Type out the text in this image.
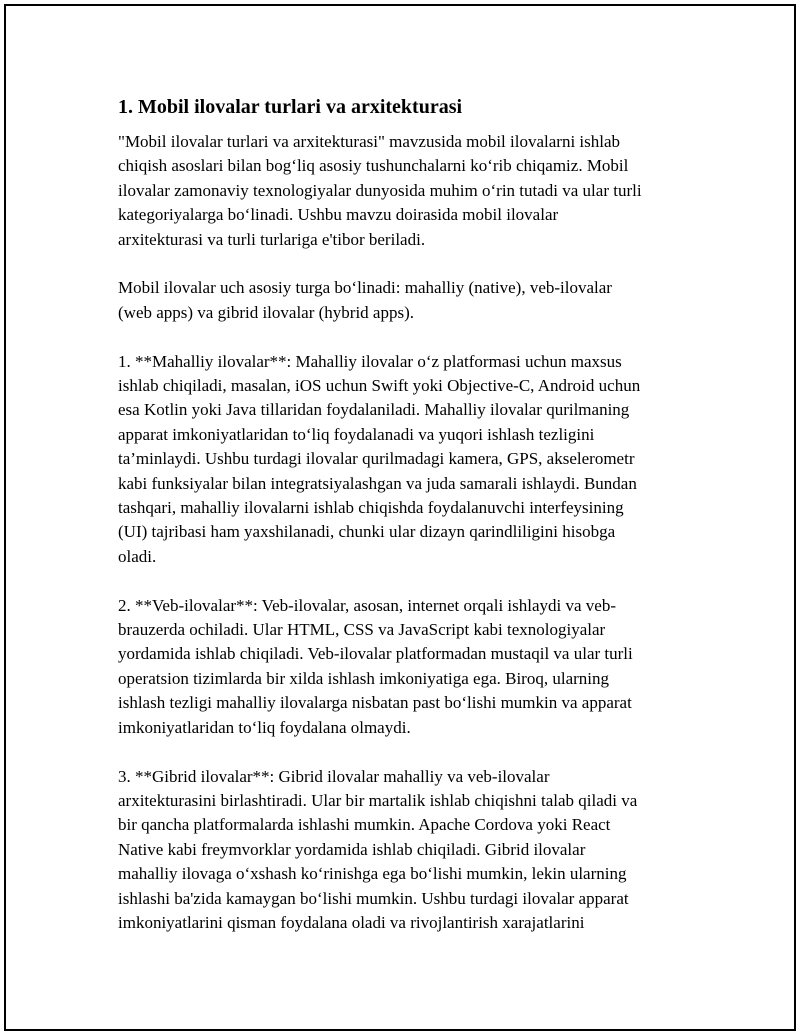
1. Mobil ilovalar turlari va arxitekturasi
"Mobil ilovalar turlari va arxitekturasi" mavzusida mobil ilovalarni ishlab
chiqish asoslari bilan bog‘liq asosiy tushunchalarni ko‘rib chiqamiz. Mobil
ilovalar zamonaviy texnologiyalar dunyosida muhim o‘rin tutadi va ular turli
kategoriyalarga bo‘linadi. Ushbu mavzu doirasida mobil ilovalar
arxitekturasi va turli turlariga e'tibor beriladi.
Mobil ilovalar uch asosiy turga bo‘linadi: mahalliy (native), veb-ilovalar
(web apps) va gibrid ilovalar (hybrid apps).
1. **Mahalliy ilovalar**: Mahalliy ilovalar o‘z platformasi uchun maxsus
ishlab chiqiladi, masalan, iOS uchun Swift yoki Objective-C, Android uchun
esa Kotlin yoki Java tillaridan foydalaniladi. Mahalliy ilovalar qurilmaning
apparat imkoniyatlaridan to‘liq foydalanadi va yuqori ishlash tezligini
ta’minlaydi. Ushbu turdagi ilovalar qurilmadagi kamera, GPS, akselerometr
kabi funksiyalar bilan integratsiyalashgan va juda samarali ishlaydi. Bundan
tashqari, mahalliy ilovalarni ishlab chiqishda foydalanuvchi interfeysining
(UI) tajribasi ham yaxshilanadi, chunki ular dizayn qarindliligini hisobga
oladi.
2. **Veb-ilovalar**: Veb-ilovalar, asosan, internet orqali ishlaydi va veb-
brauzerda ochiladi. Ular HTML, CSS va JavaScript kabi texnologiyalar
yordamida ishlab chiqiladi. Veb-ilovalar platformadan mustaqil va ular turli
operatsion tizimlarda bir xilda ishlash imkoniyatiga ega. Biroq, ularning
ishlash tezligi mahalliy ilovalarga nisbatan past bo‘lishi mumkin va apparat
imkoniyatlaridan to‘liq foydalana olmaydi.
3. **Gibrid ilovalar**: Gibrid ilovalar mahalliy va veb-ilovalar
arxitekturasini birlashtiradi. Ular bir martalik ishlab chiqishni talab qiladi va
bir qancha platformalarda ishlashi mumkin. Apache Cordova yoki React
Native kabi freymvorklar yordamida ishlab chiqiladi. Gibrid ilovalar
mahalliy ilovaga o‘xshash ko‘rinishga ega bo‘lishi mumkin, lekin ularning
ishlashi ba'zida kamaygan bo‘lishi mumkin. Ushbu turdagi ilovalar apparat
imkoniyatlarini qisman foydalana oladi va rivojlantirish xarajatlarini
